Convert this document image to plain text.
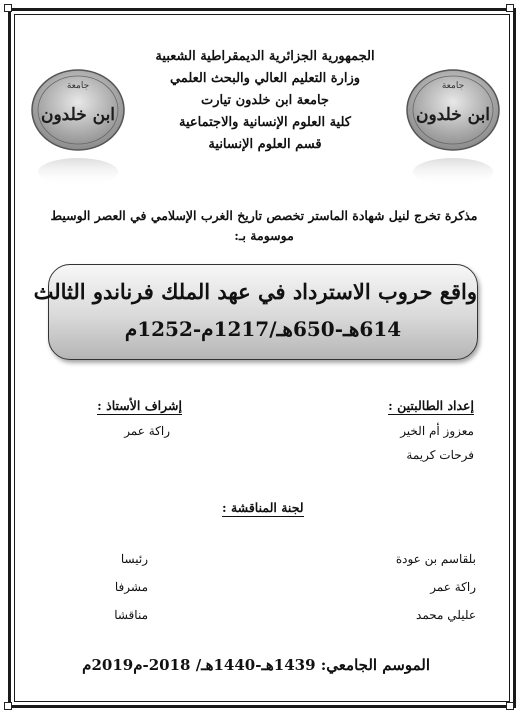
جامعة
ابن خلدون
جامعة
ابن خلدون
الجمهورية الجزائرية الديمقراطية الشعبية
وزارة التعليم العالي والبحث العلمي
جامعة ابن خلدون تيارت
كلية العلوم الإنسانية والاجتماعية
قسم العلوم الإنسانية
مذكرة تخرج لنيل شهادة الماستر تخصص تاريخ الغرب الإسلامي في العصر الوسيط
موسومة بـ:
واقع حروب الاسترداد في عهد الملك فرناندو الثالث
614هـ-650هـ/1217م-1252م
إعداد الطالبتين :
معزوز أم الخير
فرحات كريمة
إشراف الأستاذ :
راكة عمر
لجنة المناقشة :
بلقاسم بن عودة
رئيسا
راكة عمر
مشرفا
عليلي محمد
مناقشا
الموسم الجامعي: 1439هـ-1440هـ/ 2018-م2019م
